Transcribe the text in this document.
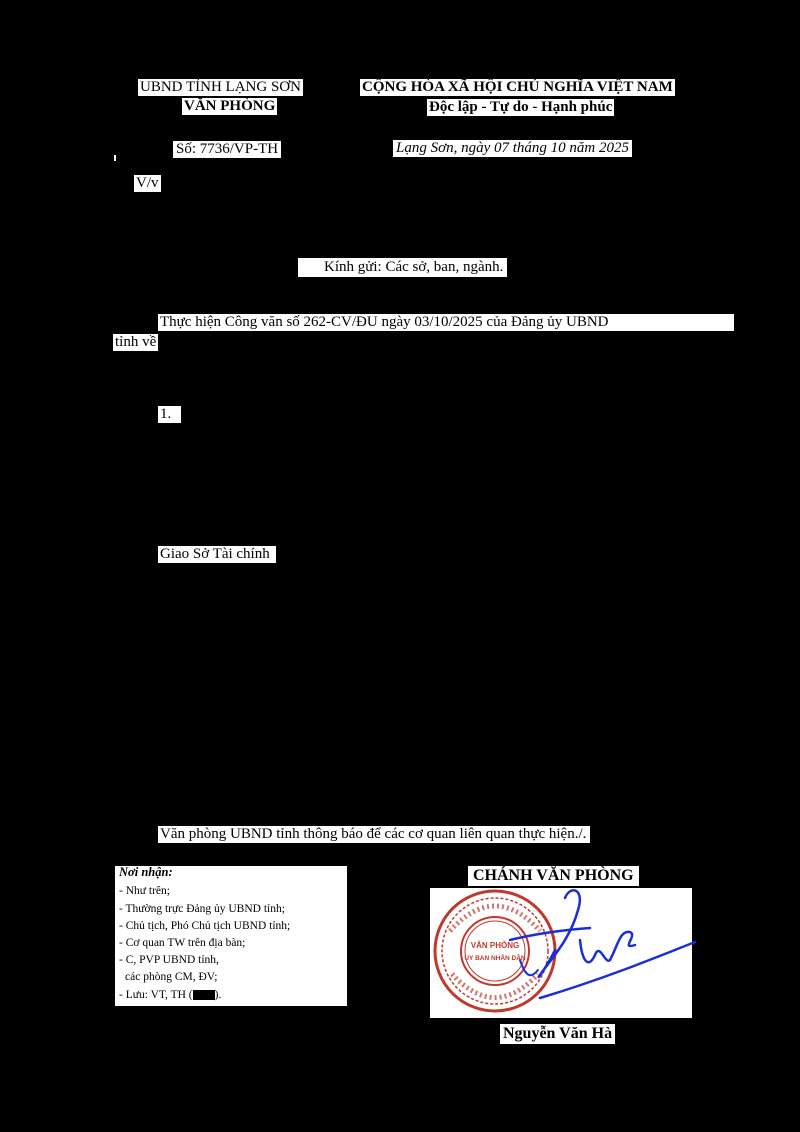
UBND TỈNH LẠNG SƠN
VĂN PHÒNG
CỘNG HÒA XÃ HỘI CHỦ NGHĨA VIỆT NAM
Độc lập - Tự do - Hạnh phúc
Số: 7736/VP-TH	Lạng Sơn, ngày 07 tháng 10 năm 2025
V/v
Kính gửi: Các sở, ban, ngành.
Thực hiện Công văn số 262-CV/ĐU ngày 03/10/2025 của Đảng ủy UBND
tỉnh về
1.
Giao Sở Tài chính
Văn phòng UBND tỉnh thông báo để các cơ quan liên quan thực hiện./.
Nơi nhận:
- Như trên;
- Thường trực Đảng ủy UBND tỉnh;
- Chủ tịch, Phó Chủ tịch UBND tỉnh;
- Cơ quan TW trên địa bàn;
- C, PVP UBND tỉnh,
các phòng CM, ĐV;
- Lưu: VT, TH ( ).
CHÁNH VĂN PHÒNG
VĂN PHÒNG
UY BAN NHÂN DÂN
Nguyễn Văn Hà
